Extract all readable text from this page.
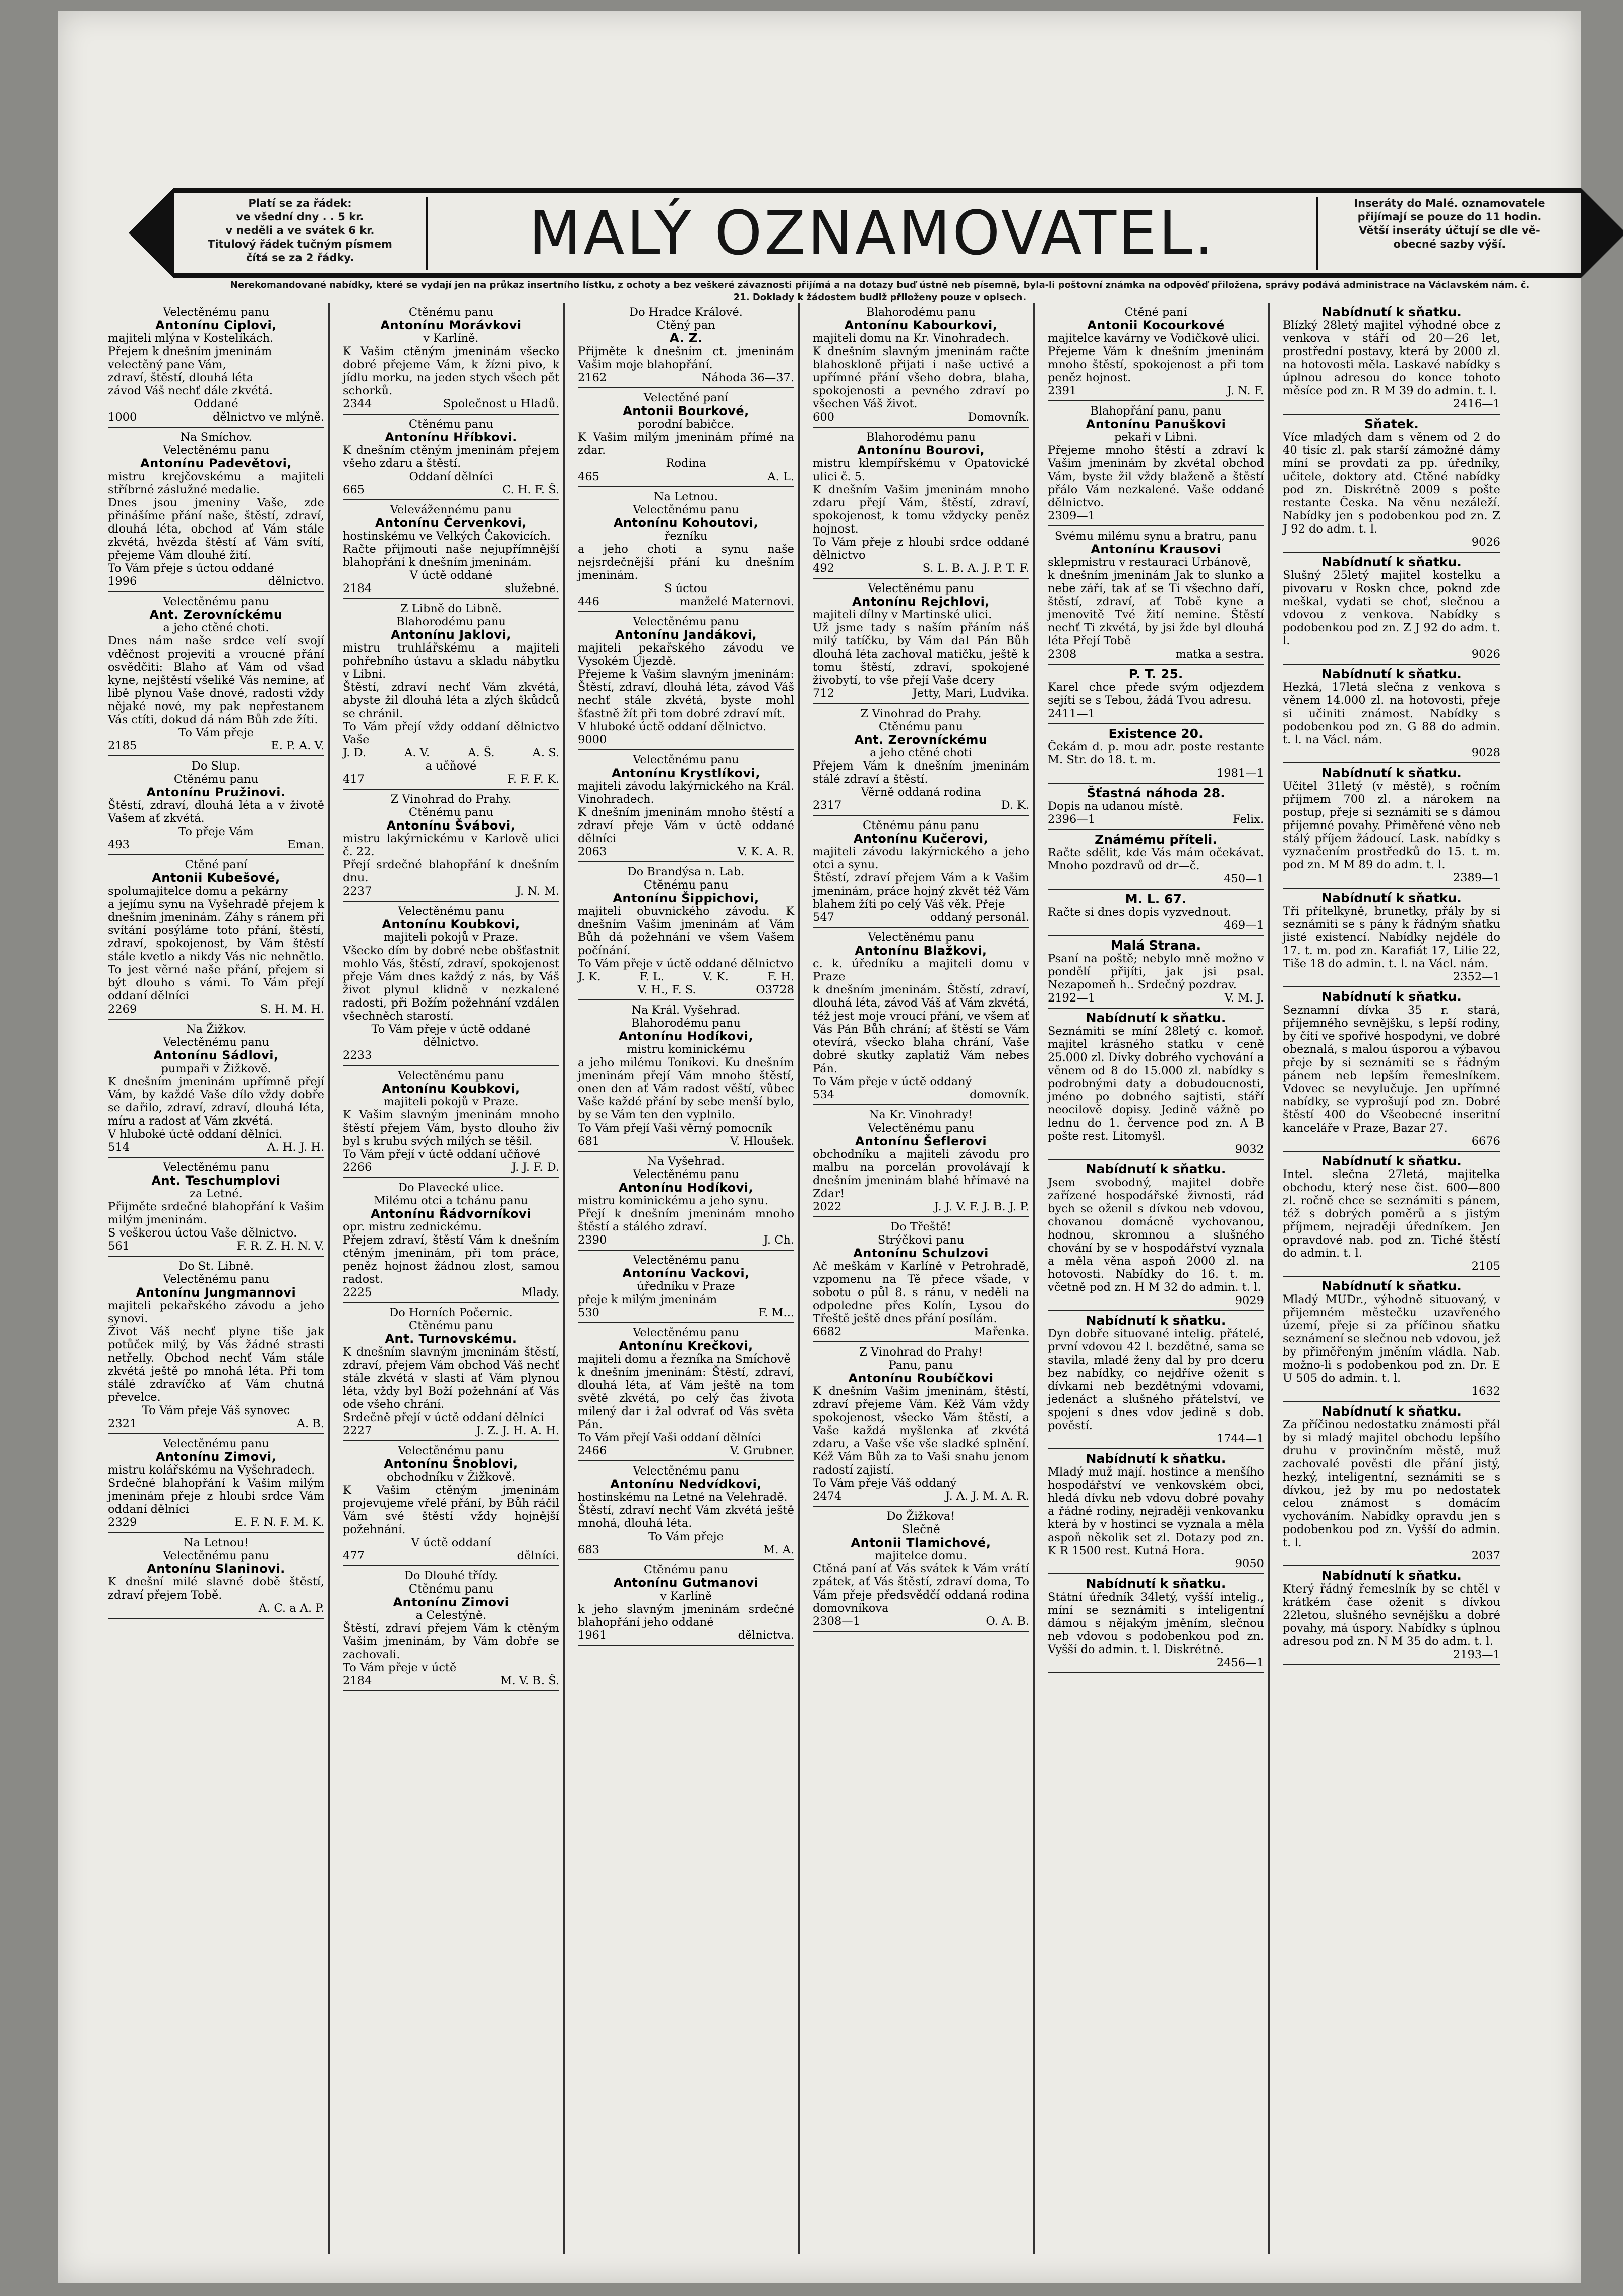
Platí se za řádek:
ve všední dny . . 5 kr.
v neděli a ve svátek 6 kr.
Titulový řádek tučným písmem
čítá se za 2 řádky.	MALÝ OZNAMOVATEL.	Inseráty do Malé. oznamovatele
přijímají se pouze do 11 hodin.
Větší inseráty účtují se dle vě-
obecné sazby výší.
Nerekomandované nabídky, které se vydají jen na průkaz insertního lístku, z ochoty a bez veškeré závaznosti přijímá a na dotazy buď ústně neb písemně, byla-li poštovní známka na odpověď přiložena, správy podává administrace na Václavském nám. č. 21. Doklady k žádostem budiž přiloženy pouze v opisech.

Velectěnému panu

Antonínu Ciplovi,

majiteli mlýna v Kostelíkách.

Přejem k dnešním jmeninám

velectěný pane Vám,

zdraví, štěstí, dlouhá léta

závod Váš nechť dále zkvétá.

Oddané

1000	dělnictvo ve mlýně.

Na Smíchov.

Velectěnému panu

Antonínu Padevětovi,

mistru krejčovskému a majiteli stříbrné záslužné medalie.

Dnes jsou jmeniny Vaše, zde přinášíme přání naše, štěstí, zdraví, dlouhá léta, obchod ať Vám stále zkvétá, hvězda štěstí ať Vám svítí, přejeme Vám dlouhé žití.

To Vám přeje s úctou oddané

1996	dělnictvo.

Velectěnému panu

Ant. Zerovníckému

a jeho ctěné choti.

Dnes nám naše srdce velí svojí vděčnost projeviti a vroucné přání osvědčiti: Blaho ať Vám od všad kyne, nejštěstí všeliké Vás nemine, ať libě plynou Vaše dnové, radosti vždy nějaké nové, my pak nepřestanem Vás ctíti, dokud dá nám Bůh zde žíti.

To Vám přeje

2185	E. P. A. V.

Do Slup.

Ctěnému panu

Antonínu Pružinovi.

Štěstí, zdraví, dlouhá léta a v životě Vašem ať zkvétá.

To přeje Vám

493	Eman.

Ctěné paní

Antonii Kubešové,

spolumajitelce domu a pekárny

a jejímu synu na Vyšehradě přejem k dnešním jmeninám. Záhy s ránem při svítání posýláme toto přání, štěstí, zdraví, spokojenost, by Vám štěstí stále kvetlo a nikdy Vás nic nehnětlo. To jest věrné naše přání, přejem si být dlouho s vámi. To Vám přejí oddaní dělníci

2269	S. H. M. H.

Na Žižkov.

Velectěnému panu

Antonínu Sádlovi,

pumpaři v Žižkově.

K dnešním jmeninám upřímně přejí Vám, by každé Vaše dílo vždy dobře se dařilo, zdraví, zdraví, dlouhá léta, míru a radost ať Vám zkvétá.

V hluboké úctě oddaní dělníci.

514	A. H. J. H.

Velectěnému panu

Ant. Teschumplovi

za Letné.

Přijměte srdečné blahopřání k Vašim milým jmeninám.

S veškerou úctou Vaše dělnictvo.

561	F. R. Z. H. N. V.

Do St. Libně.

Velectěnému panu

Antonínu Jungmannovi

majiteli pekařského závodu a jeho synovi.

Život Váš nechť plyne tiše jak potůček milý, by Vás žádné strasti netřelly. Obchod nechť Vám stále zkvétá ještě po mnohá léta. Při tom stálé zdravíčko ať Vám chutná převelce.

To Vám přeje Váš synovec

2321	A. B.

Velectěnému panu

Antonínu Zimovi,

mistru kolářskému na Vyšehradech.

Srdečné blahopřání k Vašim milým jmeninám přeje z hloubi srdce Vám oddaní dělníci

2329	E. F. N. F. M. K.

Na Letnou!

Velectěnému panu

Antonínu Slaninovi.

K dnešní milé slavné době štěstí, zdraví přejem Tobě.

A. C. a A. P.

Ctěnému panu

Antonínu Morávkovi

v Karlíně.

K Vašim ctěným jmeninám všecko dobré přejeme Vám, k žízni pivo, k jídlu morku, na jeden stych všech pět schorků.

2344	Společnost u Hladů.

Ctěnému panu

Antonínu Hříbkovi.

K dnešním ctěným jmeninám přejem všeho zdaru a štěstí.

Oddaní dělníci

665	C. H. F. Š.

Velevážennému panu

Antonínu Červenkovi,

hostinskému ve Velkých Čakovicích.

Račte přijmouti naše nejupřímnější blahopřání k dnešním jmeninám.

V úctě oddané

2184	služebné.

Z Libně do Libně.

Blahorodému panu

Antonínu Jaklovi,

mistru truhlářskému a majiteli pohřebního ústavu a skladu nábytku v Libni.

Štěstí, zdraví nechť Vám zkvétá, abyste žil dlouhá léta a zlých škůdců se chránil.

To Vám přejí vždy oddaní dělnictvo Vaše

J. D.	A. V.	A. Š.	A. S.

a učňové

417	F. F. F. K.

Z Vinohrad do Prahy.

Ctěnému panu

Antonínu Švábovi,

mistru lakýrnickému v Karlově ulici č. 22.

Přejí srdečné blahopřání k dnešním dnu.

2237	J. N. M.

Velectěnému panu

Antonínu Koubkovi,

majiteli pokojů v Praze.

Všecko dím by dobré nebe obšťastnit mohlo Vás, štěstí, zdraví, spokojenost přeje Vám dnes každý z nás, by Váš život plynul klidně v nezkalené radosti, při Božím požehnání vzdálen všechněch starostí.

To Vám přeje v úctě oddané dělnictvo.

2233

Velectěnému panu

Antonínu Koubkovi,

majiteli pokojů v Praze.

K Vašim slavným jmeninám mnoho štěstí přejem Vám, bysto dlouho živ byl s krubu svých milých se těšil.

To Vám přejí v úctě oddaní učňové

2266	J. J. F. D.

Do Plavecké ulice.

Milému otci a tchánu panu

Antonínu Řádvorníkovi

opr. mistru zednickému.

Přejem zdraví, štěstí Vám k dnešním ctěným jmeninám, při tom práce, peněz hojnost žádnou zlost, samou radost.

2225	Mlady.

Do Horních Počernic.

Ctěnému panu

Ant. Turnovskému.

K dnešním slavným jmeninám štěstí, zdraví, přejem Vám obchod Váš nechť stále zkvétá v slasti ať Vám plynou léta, vždy byl Boží požehnání ať Vás ode všeho chrání.

Srdečně přejí v úctě oddaní dělníci

2227	J. Z. J. H. A. H.

Velectěnému panu

Antonínu Šnoblovi,

obchodníku v Žižkově.

K Vašim ctěným jmeninám projevujeme vřelé přání, by Bůh ráčil Vám své štěstí vždy hojnější požehnání.

V úctě oddaní

477	dělníci.

Do Dlouhé třídy.

Ctěnému panu

Antonínu Zimovi

a Celestýně.

Štěstí, zdraví přejem Vám k ctěným Vašim jmeninám, by Vám dobře se zachovali.

To Vám přeje v úctě

2184	M. V. B. Š.

Do Hradce Králové.

Ctěný pan

A. Z.

Přijměte k dnešním ct. jmeninám Vašim moje blahopřání.

2162	Náhoda 36—37.

Velectěné paní

Antonii Bourkové,

porodní babičce.

K Vašim milým jmeninám přímé na zdar.

Rodina

465	A. L.

Na Letnou.

Velectěnému panu

Antonínu Kohoutovi,

řezníku

a jeho choti a synu naše nejsrdečnější přání ku dnešním jmeninám.

S úctou

446	manželé Maternovi.

Velectěnému panu

Antonínu Jandákovi,

majiteli pekařského závodu ve Vysokém Újezdě.

Přejeme k Vašim slavným jmeninám: Štěstí, zdraví, dlouhá léta, závod Váš nechť stále zkvétá, byste mohl šťastně žít při tom dobré zdraví mít.

V hluboké úctě oddaní dělnictvo.

9000

Velectěnému panu

Antonínu Krystlíkovi,

majiteli závodu lakýrnického na Král. Vinohradech.

K dnešním jmeninám mnoho štěstí a zdraví přeje Vám v úctě oddané dělníci

2063	V. K. A. R.

Do Brandýsa n. Lab.

Ctěnému panu

Antonínu Šippichovi,

majiteli obuvnického závodu. K dnešním Vašim jmeninám ať Vám Bůh dá požehnání ve všem Vašem počínání.

To Vám přeje v úctě oddané dělnictvo

J. K.	F. L.	V. K.	F. H.

V. H., F. S.	O3728

Na Král. Vyšehrad.

Blahorodému panu

Antonínu Hodíkovi,

mistru kominickému

a jeho milému Toníkovi. Ku dnešním jmeninám přejí Vám mnoho štěstí, onen den ať Vám radost věští, vůbec Vaše každé přání by sebe menší bylo, by se Vám ten den vyplnilo.

To Vám přejí Vaši věrný pomocník

681	V. Hloušek.

Na Vyšehrad.

Velectěnému panu

Antonínu Hodíkovi,

mistru kominickému a jeho synu.

Přejí k dnešním jmeninám mnoho štěstí a stálého zdraví.

2390	J. Ch.

Velectěnému panu

Antonínu Vackovi,

úředníku v Praze

přeje k milým jmeninám

530	F. M...

Velectěnému panu

Antonínu Krečkovi,

majiteli domu a řezníka na Smíchově

k dnešním jmeninám: Štěstí, zdraví, dlouhá léta, ať Vám ještě na tom světě zkvétá, po celý čas života milený dar i žal odvrať od Vás světa Pán.

To Vám přejí Vaši oddaní dělníci

2466	V. Grubner.

Velectěnému panu

Antonínu Nedvídkovi,

hostinskému na Letné na Velehradě.

Štěstí, zdraví nechť Vám zkvétá ještě mnohá, dlouhá léta.

To Vám přeje

683	M. A.

Ctěnému panu

Antonínu Gutmanovi

v Karlíně

k jeho slavným jmeninám srdečné blahopřání jeho oddané

1961	dělnictva.

Blahorodému panu

Antonínu Kabourkovi,

majiteli domu na Kr. Vinohradech.

K dnešním slavným jmeninám račte blahoskloně přijati i naše uctivé a upřímné přání všeho dobra, blaha, spokojenosti a pevného zdraví po všechen Váš život.

600	Domovník.

Blahorodému panu

Antonínu Bourovi,

mistru klempířskému v Opatovické ulici č. 5.

K dnešním Vašim jmeninám mnoho zdaru přejí Vám, štěstí, zdraví, spokojenost, k tomu vždycky peněz hojnost.

To Vám přeje z hloubi srdce oddané dělnictvo

492	S. L. B. A. J. P. T. F.

Velectěnému panu

Antonínu Rejchlovi,

majiteli dílny v Martinské ulici.

Už jsme tady s naším přáním náš milý tatíčku, by Vám dal Pán Bůh dlouhá léta zachoval matičku, ještě k tomu štěstí, zdraví, spokojené živobytí, to vše přejí Vaše dcery

712	Jetty, Mari, Ludvika.

Z Vinohrad do Prahy.

Ctěnému panu

Ant. Zerovníckému

a jeho ctěné choti

Přejem Vám k dnešním jmeninám stálé zdraví a štěstí.

Věrně oddaná rodina

2317	D. K.

Ctěnému pánu panu

Antonínu Kučerovi,

majiteli závodu lakýrnického a jeho otci a synu.

Štěstí, zdraví přejem Vám a k Vašim jmeninám, práce hojný zkvět též Vám blahem žíti po celý Váš věk. Přeje

547	oddaný personál.

Velectěnému panu

Antonínu Blažkovi,

c. k. úředníku a majiteli domu v Praze

k dnešním jmeninám. Štěstí, zdraví, dlouhá léta, závod Váš ať Vám zkvétá, též jest moje vroucí přání, ve všem ať Vás Pán Bůh chrání; ať štěstí se Vám otevírá, všecko blaha chrání, Vaše dobré skutky zaplatiž Vám nebes Pán.

To Vám přeje v úctě oddaný

534	domovník.

Na Kr. Vinohrady!

Velectěnému panu

Antonínu Šeflerovi

obchodníku a majiteli závodu pro malbu na porcelán provolávají k dnešním jmeninám blahé hřímavé na Zdar!

2022	J. J. V. F. J. B. J. P.

Do Třeště!

Strýčkovi panu

Antonínu Schulzovi

Ač meškám v Karlíně v Petrohradě, vzpomenu na Tě přece všade, v sobotu o půl 8. s ránu, v neděli na odpoledne přes Kolín, Lysou do Třeště ještě dnes přání posílám.

6682	Mařenka.

Z Vinohrad do Prahy!

Panu, panu

Antonínu Roubíčkovi

K dnešním Vašim jmeninám, štěstí, zdraví přejeme Vám. Kéž Vám vždy spokojenost, všecko Vám štěstí, a Vaše každá myšlenka ať zkvétá zdaru, a Vaše vše vše sladké splnění. Kéž Vám Bůh za to Vaši snahu jenom radostí zajistí.

To Vám přeje Váš oddaný

2474	J. A. J. M. A. R.

Do Žižkova!

Slečně

Antonii Tlamichové,

majitelce domu.

Ctěná paní ať Vás svátek k Vám vrátí zpátek, ať Vás štěstí, zdraví doma, To Vám přeje předsvědčí oddaná rodina domovníkova

2308—1	O. A. B.

Ctěné paní

Antonii Kocourkové

majitelce kavárny ve Vodičkově ulici.

Přejeme Vám k dnešním jmeninám mnoho štěstí, spokojenost a při tom peněz hojnost.

2391	J. N. F.

Blahopřání panu, panu

Antonínu Panuškovi

pekaři v Libni.

Přejeme mnoho štěstí a zdraví k Vašim jmeninám by zkvétal obchod Vám, byste žil vždy blaženě a štěstí přálo Vám nezkalené. Vaše oddané dělnictvo.

2309—1

Svému milému synu a bratru, panu

Antonínu Krausovi

sklepmistru v restauraci Urbánově,

k dnešním jmeninám Jak to slunko a nebe září, tak ať se Ti všechno daří, štěstí, zdraví, ať Tobě kyne a jmenovitě Tvé žití nemine. Štěstí nechť Ti zkvétá, by jsi žde byl dlouhá léta Přejí Tobě

2308	matka a sestra.

P. T. 25.

Karel chce přede svým odjezdem sejíti se s Tebou, žádá Tvou adresu.

2411—1

Existence 20.

Čekám d. p. mou adr. poste restante M. Str. do 18. t. m.

1981—1

Šťastná náhoda 28.

Dopis na udanou místě.

2396—1	Felix.

Známému příteli.

Račte sdělit, kde Vás mám očekávat. Mnoho pozdravů od dr—č.

450—1

M. L. 67.

Račte si dnes dopis vyzvednout.

469—1

Malá Strana.

Psaní na poště; nebylo mně možno v pondělí přijíti, jak jsi psal. Nezapomeň h.. Srdečný pozdrav.

2192—1	V. M. J.

Nabídnutí k sňatku.

Seznámiti se míní 28letý c. komoř. majitel krásného statku v ceně 25.000 zl. Dívky dobrého vychování a věnem od 8 do 15.000 zl. nabídky s podrobnými daty a dobudoucnosti, jméno po dobného sajtisti, stáří neocilově dopisy. Jedině vážně po lednu do 1. července pod zn. A B pošte rest. Litomyšl.

9032

Nabídnutí k sňatku.

Jsem svobodný, majitel dobře zařízené hospodářské živnosti, rád bych se oženil s dívkou neb vdovou, chovanou domácně vychovanou, hodnou, skromnou a slušného chování by se v hospodářství vyznala a měla věna aspoň 2000 zl. na hotovosti. Nabídky do 16. t. m. včetně pod zn. H M 32 do admin. t. l.

9029

Nabídnutí k sňatku.

Dyn dobře situované intelig. přátelé, první vdovou 42 l. bezdětné, sama se stavila, mladé ženy dal by pro dceru bez nabídky, co nejdříve oženit s dívkami neb bezdětnými vdovami, jedenáct a slušného přátelství, ve spojení s dnes vdov jedině s dob. pověstí.

1744—1

Nabídnutí k sňatku.

Mladý muž mají. hostince a menšího hospodářství ve venkovském obci, hledá dívku neb vdovu dobré povahy a řádné rodiny, nejraději venkovanku která by v hostinci se vyznala a měla aspoň několik set zl. Dotazy pod zn. K R 1500 rest. Kutná Hora.

9050

Nabídnutí k sňatku.

Státní úředník 34letý, vyšší intelig., míní se seznámiti s inteligentní dámou s nějakým jměním, slečnou neb vdovou s podobenkou pod zn. Vyšší do admin. t. l. Diskrétně.

2456—1

Nabídnutí k sňatku.

Blízký 28letý majitel výhodné obce z venkova v stáří od 20—26 let, prostřední postavy, která by 2000 zl. na hotovosti měla. Laskavé nabídky s úplnou adresou do konce tohoto měsíce pod zn. R M 39 do admin. t. l.

2416—1

Sňatek.

Více mladých dam s věnem od 2 do 40 tisíc zl. pak starší zámožné dámy míní se provdati za pp. úředníky, učitele, doktory atd. Ctěné nabídky pod zn. Diskrétně 2009 s pošte restante Česka. Na věnu nezáleží. Nabídky jen s podobenkou pod zn. Z J 92 do adm. t. l.

9026

Nabídnutí k sňatku.

Slušný 25letý majitel kostelku a pivovaru v Roskn chce, poknd zde meškal, vydati se choť, slečnou a vdovou z venkova. Nabídky s podobenkou pod zn. Z J 92 do adm. t. l.

9026

Nabídnutí k sňatku.

Hezká, 17letá slečna z venkova s věnem 14.000 zl. na hotovosti, přeje si učiniti známost. Nabídky s podobenkou pod zn. G 88 do admin. t. l. na Václ. nám.

9028

Nabídnutí k sňatku.

Učitel 31letý (v městě), s ročním příjmem 700 zl. a nárokem na postup, přeje si seznámiti se s dámou příjemné povahy. Přiměřené věno neb stálý příjem žádoucí. Lask. nabídky s vyznačením prostředků do 15. t. m. pod zn. M M 89 do adm. t. l.

2389—1

Nabídnutí k sňatku.

Tři přítelkyně, brunetky, přály by si seznámiti se s pány k řádným sňatku jisté existencí. Nabídky nejdéle do 17. t. m. pod zn. Karafiát 17, Lilie 22, Tiše 18 do admin. t. l. na Václ. nám.

2352—1

Nabídnutí k sňatku.

Seznamní dívka 35 r. stará, příjemného sevnějšku, s lepší rodiny, by čítí ve spořivé hospodyni, ve dobré obeznalá, s malou úsporou a výbavou přeje by si seznámiti se s řádným pánem neb lepším řemeslníkem. Vdovec se nevylučuje. Jen upřímné nabídky, se vyprošují pod zn. Dobré štěstí 400 do Všeobecné inseritní kanceláře v Praze, Bazar 27.

6676

Nabídnutí k sňatku.

Intel. slečna 27letá, majitelka obchodu, který nese čist. 600—800 zl. ročně chce se seznámiti s pánem, též s dobrých poměrů a s jistým příjmem, nejraději úředníkem. Jen opravdové nab. pod zn. Tiché štěstí do admin. t. l.

2105

Nabídnutí k sňatku.

Mladý MUDr., výhodně situovaný, v přijemném městečku uzavřeného území, přeje si za příčinou sňatku seznámení se slečnou neb vdovou, jež by přiměřeným jměním vládla. Nab. možno-li s podobenkou pod zn. Dr. E U 505 do admin. t. l.

1632

Nabídnutí k sňatku.

Za příčinou nedostatku známosti přál by si mladý majitel obchodu lepšího druhu v provinčním městě, muž zachovalé pověsti dle přání jistý, hezký, inteligentní, seznámiti se s dívkou, jež by mu po nedostatek celou známost s domácím vychováním. Nabídky opravdu jen s podobenkou pod zn. Vyšší do admin. t. l.

2037

Nabídnutí k sňatku.

Který řádný řemeslník by se chtěl v krátkém čase oženit s dívkou 22letou, slušného sevnějšku a dobré povahy, má úspory. Nabídky s úplnou adresou pod zn. N M 35 do adm. t. l.

2193—1
